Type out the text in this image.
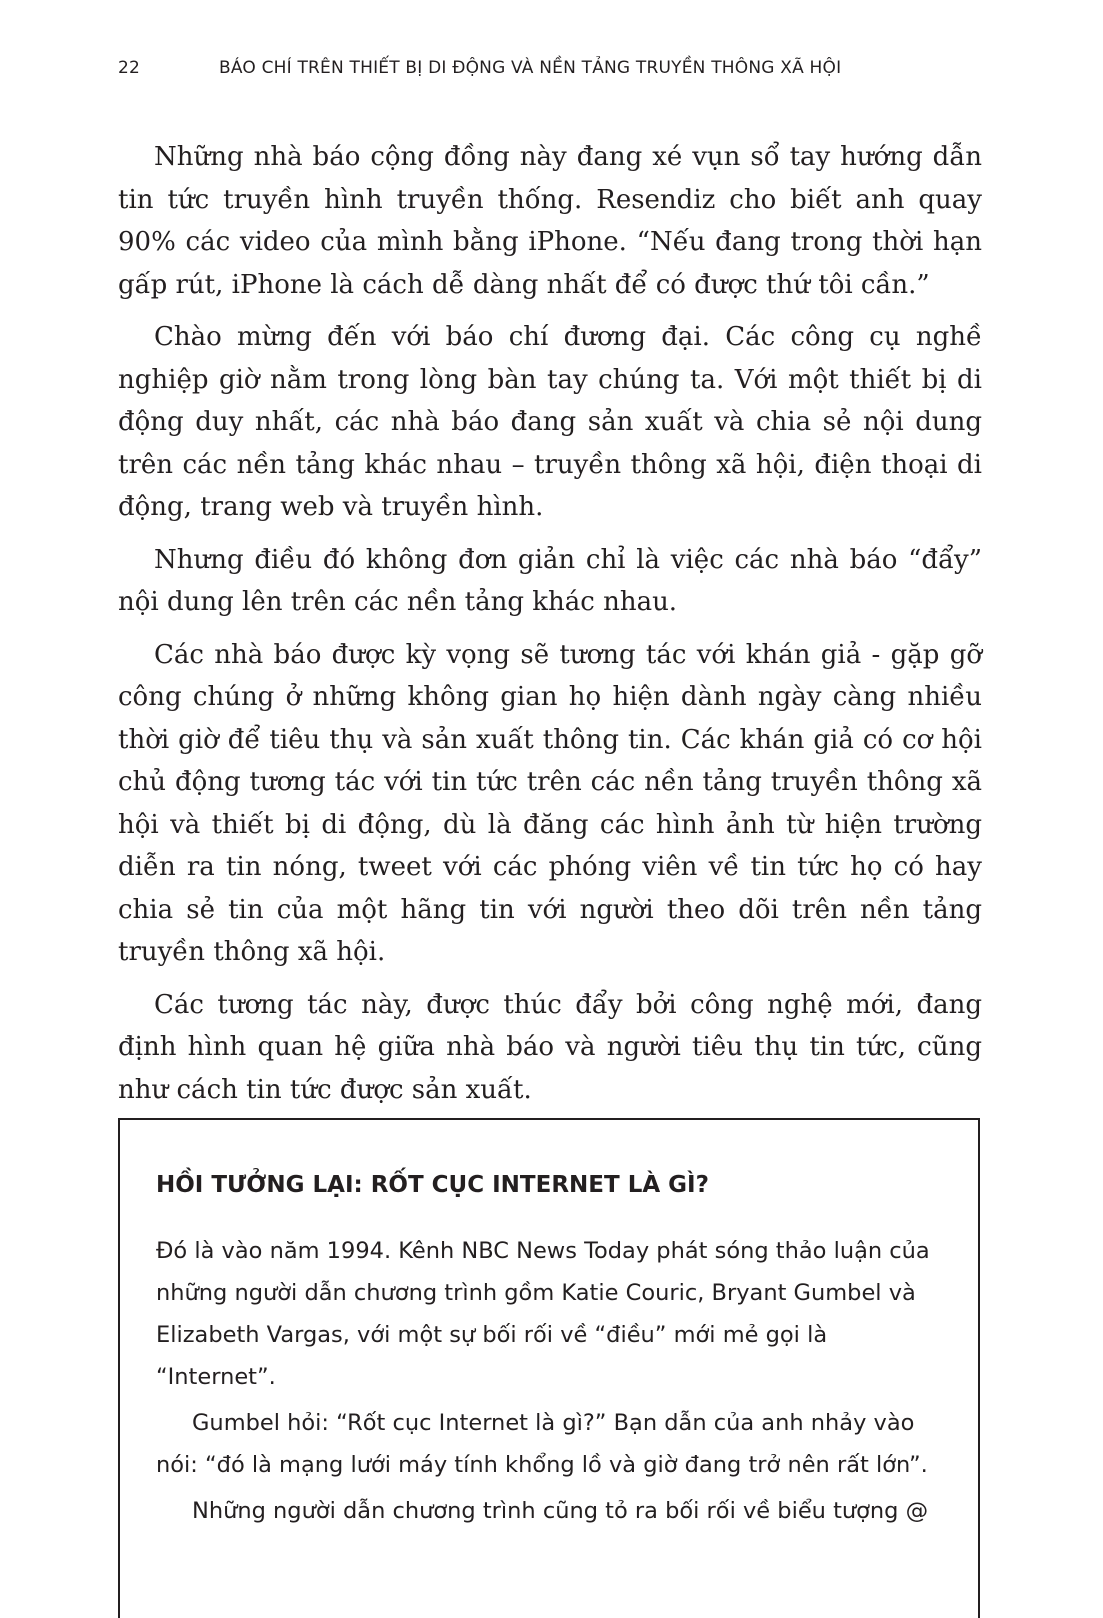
22	BÁO CHÍ TRÊN THIẾT BỊ DI ĐỘNG VÀ NỀN TẢNG TRUYỀN THÔNG XÃ HỘI

Những nhà báo cộng đồng này đang xé vụn sổ tay hướng dẫn tin tức truyền hình truyền thống. Resendiz cho biết anh quay 90% các video của mình bằng iPhone. “Nếu đang trong thời hạn gấp rút, iPhone là cách dễ dàng nhất để có được thứ tôi cần.”

Chào mừng đến với báo chí đương đại. Các công cụ nghề nghiệp giờ nằm trong lòng bàn tay chúng ta. Với một thiết bị di động duy nhất, các nhà báo đang sản xuất và chia sẻ nội dung trên các nền tảng khác nhau – truyền thông xã hội, điện thoại di động, trang web và truyền hình.

Nhưng điều đó không đơn giản chỉ là việc các nhà báo “đẩy” nội dung lên trên các nền tảng khác nhau.

Các nhà báo được kỳ vọng sẽ tương tác với khán giả - gặp gỡ công chúng ở những không gian họ hiện dành ngày càng nhiều thời giờ để tiêu thụ và sản xuất thông tin. Các khán giả có cơ hội chủ động tương tác với tin tức trên các nền tảng truyền thông xã hội và thiết bị di động, dù là đăng các hình ảnh từ hiện trường diễn ra tin nóng, tweet với các phóng viên về tin tức họ có hay chia sẻ tin của một hãng tin với người theo dõi trên nền tảng truyền thông xã hội.

Các tương tác này, được thúc đẩy bởi công nghệ mới, đang định hình quan hệ giữa nhà báo và người tiêu thụ tin tức, cũng như cách tin tức được sản xuất.

HỒI TƯỞNG LẠI: RỐT CỤC INTERNET LÀ GÌ?

Đó là vào năm 1994. Kênh NBC News Today phát sóng thảo luận của những người dẫn chương trình gồm Katie Couric, Bryant Gumbel và Elizabeth Vargas, với một sự bối rối về “điều” mới mẻ gọi là “Internet”.

Gumbel hỏi: “Rốt cục Internet là gì?” Bạn dẫn của anh nhảy vào nói: “đó là mạng lưới máy tính khổng lồ và giờ đang trở nên rất lớn”.

Những người dẫn chương trình cũng tỏ ra bối rối về biểu tượng @
